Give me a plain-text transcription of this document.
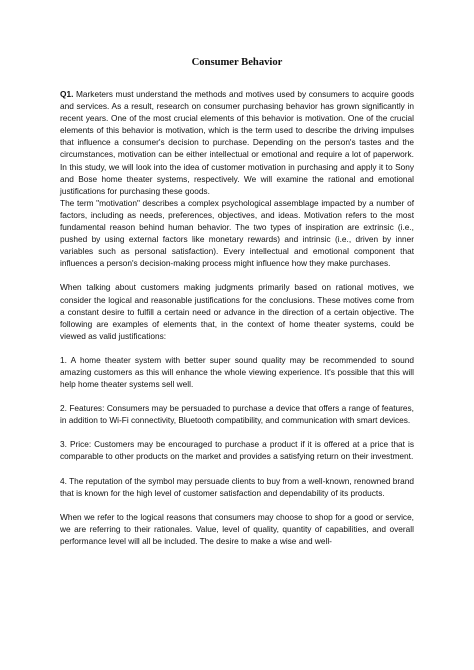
Consumer Behavior

Q1. Marketers must understand the methods and motives used by consumers to acquire goods and services. As a result, research on consumer purchasing behavior has grown significantly in recent years. One of the most crucial elements of this behavior is motivation. One of the crucial elements of this behavior is motivation, which is the term used to describe the driving impulses that influence a consumer's decision to purchase. Depending on the person's tastes and the circumstances, motivation can be either intellectual or emotional and require a lot of paperwork. In this study, we will look into the idea of customer motivation in purchasing and apply it to Sony and Bose home theater systems, respectively. We will examine the rational and emotional justifications for purchasing these goods.

The term "motivation" describes a complex psychological assemblage impacted by a number of factors, including as needs, preferences, objectives, and ideas. Motivation refers to the most fundamental reason behind human behavior. The two types of inspiration are extrinsic (i.e., pushed by using external factors like monetary rewards) and intrinsic (i.e., driven by inner variables such as personal satisfaction). Every intellectual and emotional component that influences a person's decision-making process might influence how they make purchases.

When talking about customers making judgments primarily based on rational motives, we consider the logical and reasonable justifications for the conclusions. These motives come from a constant desire to fulfill a certain need or advance in the direction of a certain objective. The following are examples of elements that, in the context of home theater systems, could be viewed as valid justifications:

1. A home theater system with better super sound quality may be recommended to sound amazing customers as this will enhance the whole viewing experience. It's possible that this will help home theater systems sell well.

2. Features: Consumers may be persuaded to purchase a device that offers a range of features, in addition to Wi-Fi connectivity, Bluetooth compatibility, and communication with smart devices.

3. Price: Customers may be encouraged to purchase a product if it is offered at a price that is comparable to other products on the market and provides a satisfying return on their investment.

4. The reputation of the symbol may persuade clients to buy from a well-known, renowned brand that is known for the high level of customer satisfaction and dependability of its products.

When we refer to the logical reasons that consumers may choose to shop for a good or service, we are referring to their rationales. Value, level of quality, quantity of capabilities, and overall performance level will all be included. The desire to make a wise and well-
